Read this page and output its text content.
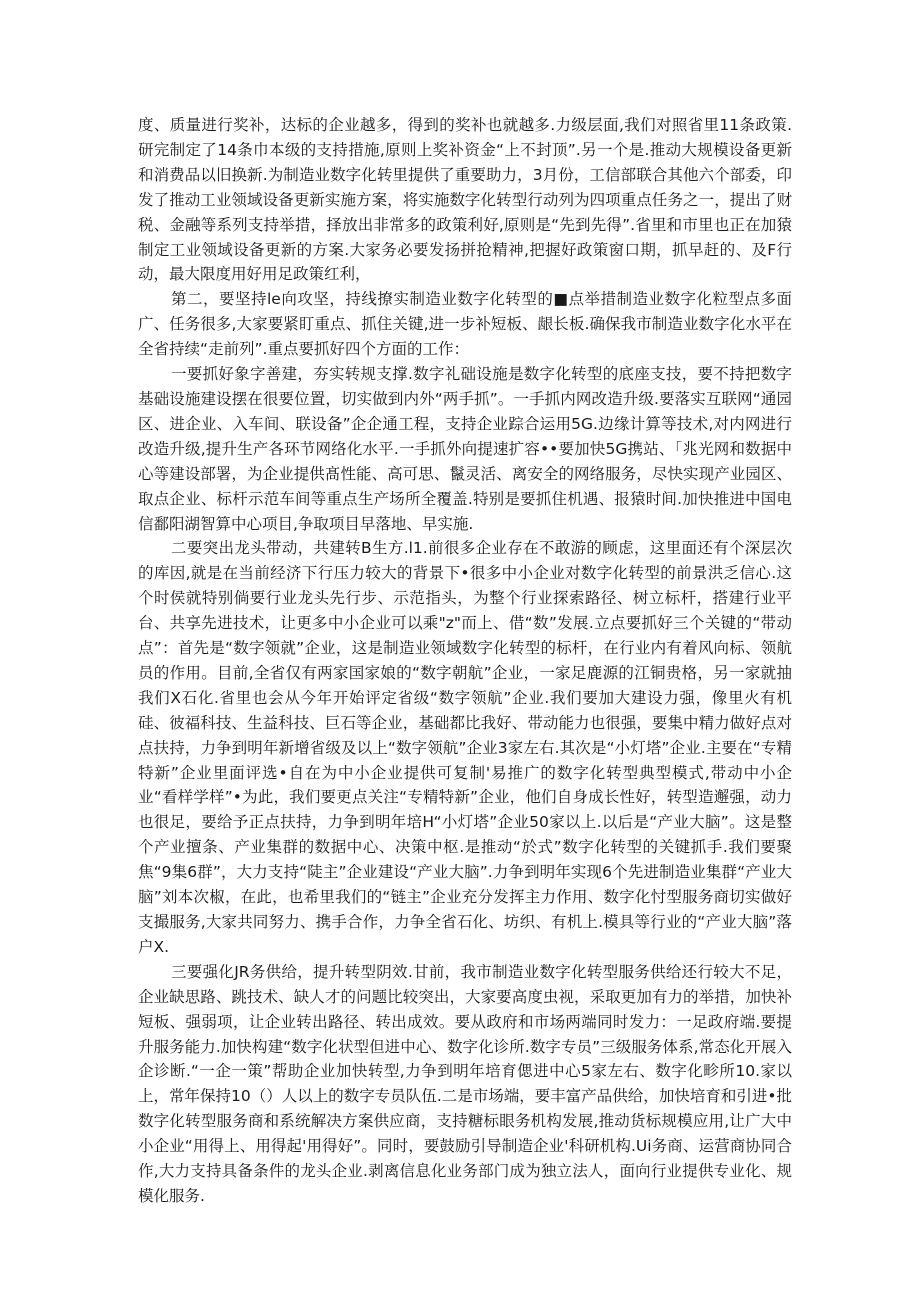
度、质量进行奖补，达标的企业越多，得到的奖补也就越多.力级层面,我们对照省里11条政策.研完制定了14条巾本级的支持措施,原则上奖补资金“上不封顶”.另一个是.推动大规模设备更新和消费品以旧换新.为制造业数字化转里提供了重要助力，3月份，工信部联合其他六个部委，印发了推动工业领域设备更新实施方案，将实施数字化转型行动列为四项重点任务之一，提出了财税、金融等系列支持举措，择放出非常多的政策利好,原则是“先到先得”.省里和市里也正在加猿制定工业领域设备更新的方案.大家务必要发扬拼抢精神,把握好政策窗口期，抓早赶的、及F行动，最大限度用好用足政策红利，

第二，要坚持le向攻坚，持线撩实制造业数字化转型的■点举措制造业数字化粒型点多面广、任务很多,大家要紧盯重点、抓住关键,进一步补短板、龈长板.确保我市制造业数字化水平在全省持续“走前列”.重点要抓好四个方面的工作：

一要抓好象字善建，夯实转规支撑.数字礼础设施是数字化转型的底座支技，要不持把数字基础设施建设摆在很要位置，切实做到内外“两手抓”。一手抓内网改造升级.要落实互联网“通园区、进企业、入车间、联设备”企企通工程，支持企业踪合运用5G.边缘计算等技术,对内网进行改造升级,提升生产各环节网络化水平.一手抓外向提速扩容••要加快5G携站、「兆光网和数据中心等建设部署，为企业提供髙性能、高可思、鬣灵活、离安全的网络服务，尽快实现产业园区、取点企业、标杆示范车间等重点生产场所全覆盖.特别是要抓住机遇、报猿时间.加快推进中国电信鄱阳湖智算中心项目,争取项目早落地、早实施.

二要突出龙头带动，共建转B生方.l1.前很多企业存在不敢游的顾虑，这里面还有个深层次的库因,就是在当前经济下行压力较大的背景下•很多中小企业对数字化转型的前景洪乏信心.这个时侯就特别倘要行业龙头先行步、示范指头，为整个行业探索路径、树立标杆，搭建行业平台、共享先进技术，让更多中小企业可以乘"z"而上、借“数”发展.立点要抓好三个关键的“带动点”：首先是“数字领就”企业，这是制造业领域数字化转型的标杆，在行业内有着风向标、领航员的作用。目前,全省仅有两家国家娘的“数字朝航”企业，一家足鹿源的江铜贵格，另一家就抽我们X石化.省里也会从今年开始评定省级“数字领航”企业.我们要加大建设力强，像里火有机硅、彼福科技、生益科技、巨石等企业，基础都比我好、带动能力也很强，要集中精力做好点对点扶持，力争到明年新增省级及以上“数字领航”企业3家左右.其次是“小灯塔”企业.主要在“专精特新”企业里面评选•自在为中小企业提供可复制'易推广的数字化转型典型模式,带动中小企业“看样学样”•为此，我们要更点关注“专精特新”企业，他们自身成长性好，转型造邂强，动力也很足，要给予正点扶持，力争到明年培H“小灯塔”企业50家以上.以后是“产业大脑”。这是整个产业擅条、产业集群的数据中心、决策中枢.是推动“於式”数字化转型的关键抓手.我们要聚焦“9集6群”，大力支持“陡主”企业建设“产业大脑”.力争到明年实现6个先进制造业集群“产业大脑”刘本次椒，在此，也希里我们的“链主”企业充分发挥主力作用、数字化忖型服务商切实做好支撮服务,大家共同努力、携手合作，力争全省石化、坊织、有机上.模具等行业的“产业大脑”落户X.

三要强化JR务供给，提升转型阴效.甘前，我市制造业数字化转型服务供给还行较大不足，企业缺思路、跳技术、缺人才的问题比较突出，大家要高度虫视，采取更加有力的举措，加快补短板、强弱项，让企业转出路径、转出成效。要从政府和市场两端同时发力：一足政府端.要提升服务能力.加快构建“数字化状型但进中心、数字化诊所.数字专员”三级服务体系,常态化开展入企诊断.“一企一策”帮助企业加快转型,力争到明年培育偲进中心5家左右、数字化畛所10.家以上，常年保持10（）人以上的数字专员队伍.二是市场端，要丰富产品供给，加快培育和引进•批数字化转型服务商和系统解决方案供应商，支持糖标眼务机构发展,推动货标规模应用,让广大中小企业“用得上、用得起'用得好”。同时，要鼓励引导制造企业'科研机构.Ui务商、运营商协同合作,大力支持具备条件的龙头企业.剥离信息化业务部门成为独立法人，面向行业提供专业化、规模化服务.
